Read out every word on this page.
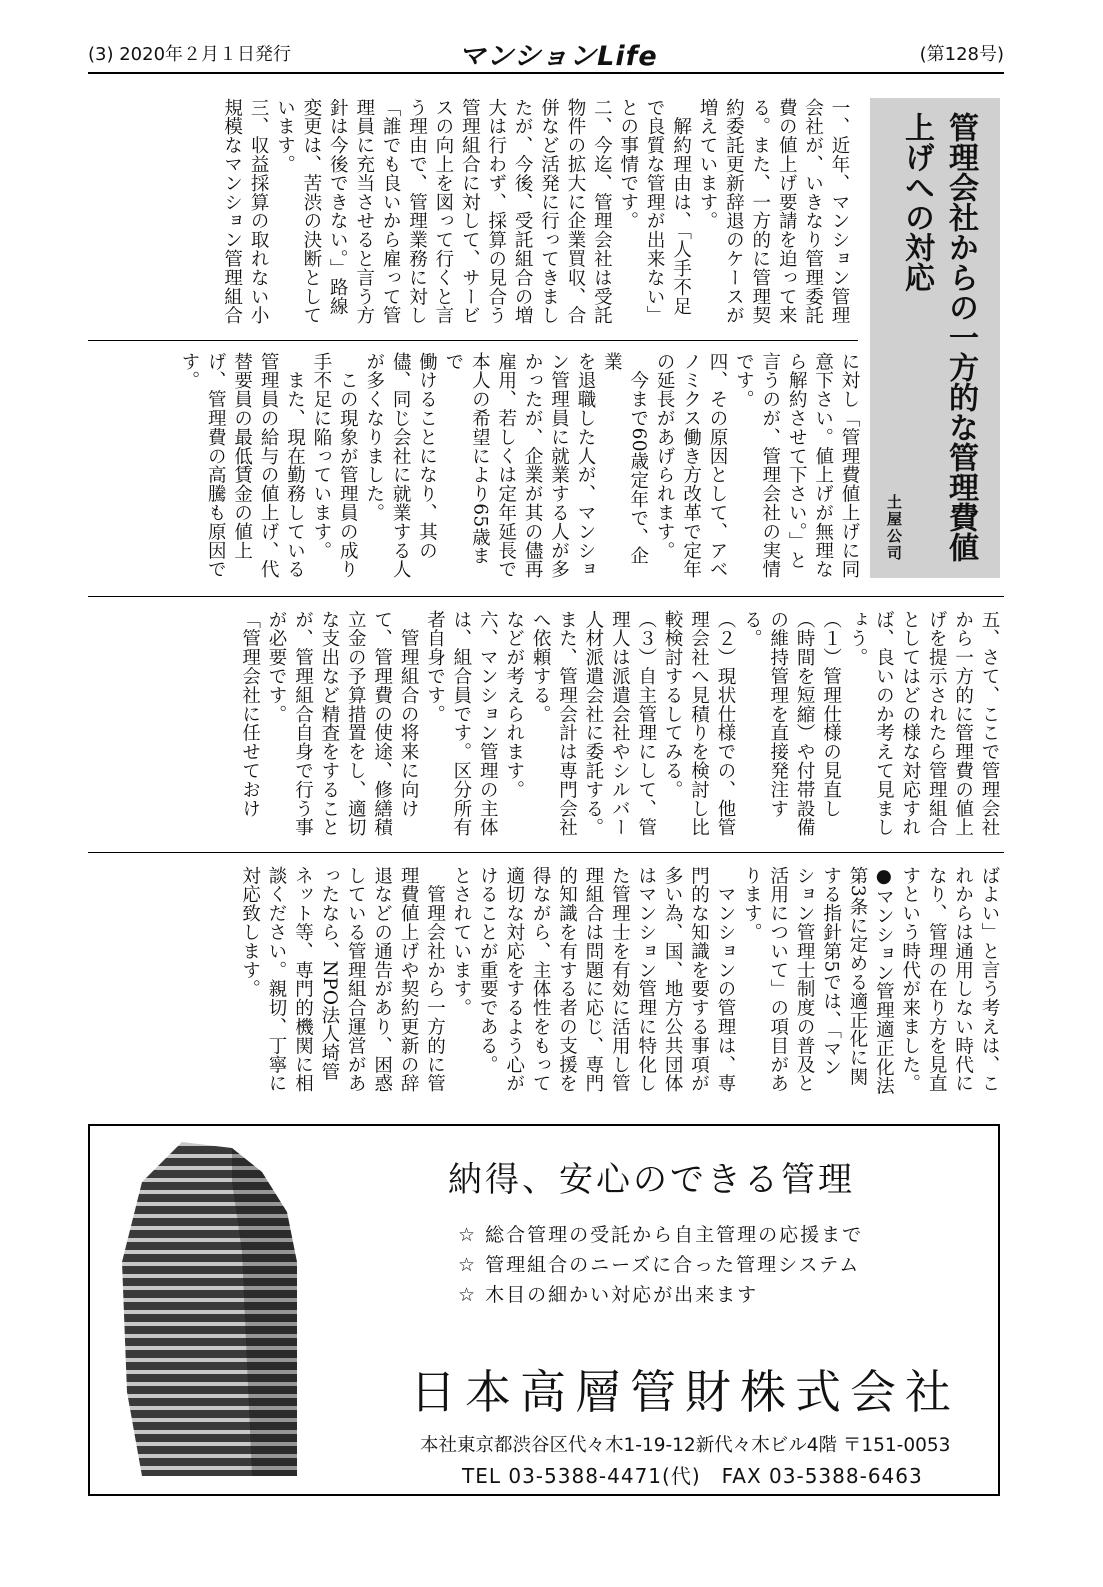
(3) 2020年２月１日発行	マンションLife	(第128号)
管理会社からの一方的な管理費値
上げへの対応
土屋公司
一、近年、マンション管理
会社が、いきなり管理委託
費の値上げ要請を迫って来
る。また、一方的に管理契
約委託更新辞退のケースが
増えています。
　解約理由は、「人手不足
で良質な管理が出来ない」
との事情です。
二、今迄、管理会社は受託
物件の拡大に企業買収、合
併など活発に行ってきまし
たが、今後、受託組合の増
大は行わず、採算の見合う
管理組合に対して、サービ
スの向上を図って行くと言
う理由で、管理業務に対し
「誰でも良いから雇って管
理員に充当させると言う方
針は今後できない。」路線
変更は、苦渋の決断として
います。
三、収益採算の取れない小
規模なマンション管理組合
に対し「管理費値上げに同
意下さい。値上げが無理な
ら解約させて下さい。」と
言うのが、管理会社の実情
です。
四、その原因として、アベ
ノミクス働き方改革で定年
の延長があげられます。
　今まで60歳定年で、企業
を退職した人が、マンショ
ン管理員に就業する人が多
かったが、企業が其の儘再
雇用、若しくは定年延長で
本人の希望により65歳まで
働けることになり、其の
儘、同じ会社に就業する人
が多くなりました。
　この現象が管理員の成り
手不足に陥っています。
　また、現在勤務している
管理員の給与の値上げ、代
替要員の最低賃金の値上
げ、管理費の高騰も原因で
す。
五、さて、ここで管理会社
から一方的に管理費の値上
げを提示されたら管理組合
としてはどの様な対応すれ
ば、良いのか考えて見まし
ょう。
（１）管理仕様の見直し
（時間を短縮）や付帯設備
の維持管理を直接発注す
る。
（２）現状仕様での、他管
理会社へ見積りを検討し比
較検討するしてみる。
（３）自主管理にして、管
理人は派遣会社やシルバー
人材派遣会社に委託する。
また、管理会計は専門会社
へ依頼する。
などが考えられます。
六、マンション管理の主体
は、組合員です。区分所有
者自身です。
　管理組合の将来に向け
て、管理費の使途、修繕積
立金の予算措置をし、適切
な支出など精査をすること
が、管理組合自身で行う事
が必要です。
「管理会社に任せておけ
ばよい」と言う考えは、こ
れからは通用しない時代に
なり、管理の在り方を見直
すという時代が来ました。
●マンション管理適正化法
第3条に定める適正化に関
する指針第5では、「マン
ション管理士制度の普及と
活用について」の項目があ
ります。
　マンションの管理は、専
門的な知識を要する事項が
多い為、国、地方公共団体
はマンション管理に特化し
た管理士を有効に活用し管
理組合は問題に応じ、専門
的知識を有する者の支援を
得ながら、主体性をもって
適切な対応をするよう心が
けることが重要である。
とされています。
　管理会社から一方的に管
理費値上げや契約更新の辞
退などの通告があり、困惑
している管理組合運営があ
ったなら、NPO法人埼管
ネット等、専門的機関に相
談ください。親切、丁寧に
対応致します。
納得、安心のできる管理
☆ 総合管理の受託から自主管理の応援まで
☆ 管理組合のニーズに合った管理システム
☆ 木目の細かい対応が出来ます
日本高層管財株式会社
本社東京都渋谷区代々木1-19-12新代々木ビル4階 〒151-0053
TEL 03-5388-4471(代)　FAX 03-5388-6463
